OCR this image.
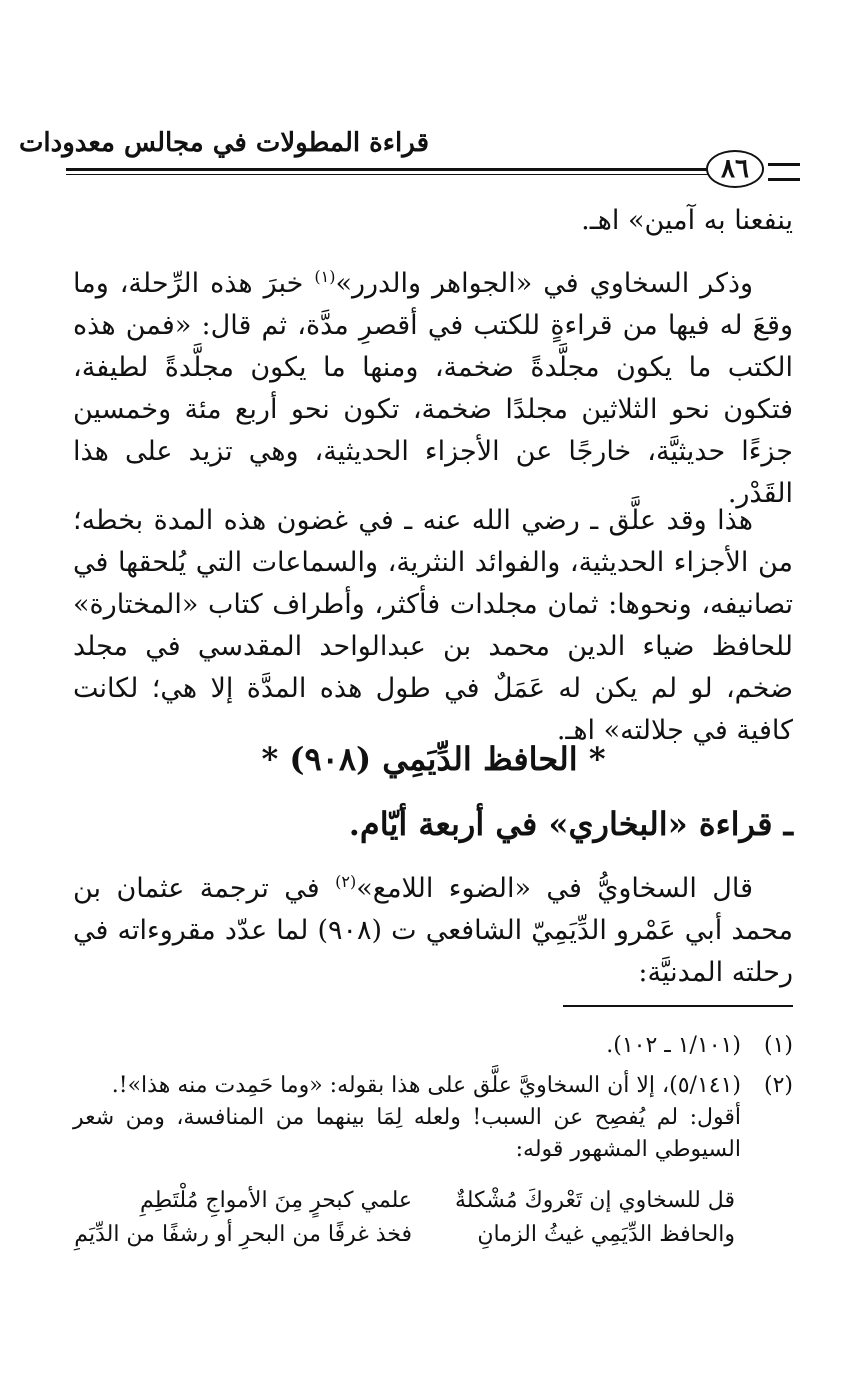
٨٦
قراءة المطولات في مجالس معدودات

ينفعنا به آمين» اهـ.

وذكر السخاوي في «الجواهر والدرر»$^{(١)}$ خبرَ هذه الرِّحلة، وما وقعَ له فيها من قراءةٍ للكتب في أقصرِ مدَّة، ثم قال: «فمن هذه الكتب ما يكون مجلَّدةً ضخمة، ومنها ما يكون مجلَّدةً لطيفة، فتكون نحو الثلاثين مجلدًا ضخمة، تكون نحو أربع مئة وخمسين جزءًا حديثيَّة، خارجًا عن الأجزاء الحديثية، وهي تزيد على هذا القَدْر.

هذا وقد علَّق ـ رضي الله عنه ـ في غضون هذه المدة بخطه؛ من الأجزاء الحديثية، والفوائد النثرية، والسماعات التي يُلحقها في تصانيفه، ونحوها: ثمان مجلدات فأكثر، وأطراف كتاب «المختارة» للحافظ ضياء الدين محمد بن عبدالواحد المقدسي في مجلد ضخم، لو لم يكن له عَمَلٌ في طول هذه المدَّة إلا هي؛ لكانت كافية في جلالته» اهـ.

* الحافظ الدِّيَمِي (٩٠٨) *
ـ قراءة «البخاري» في أربعة أيّام.

قال السخاويُّ في «الضوء اللامع»$^{(٢)}$ في ترجمة عثمان بن محمد أبي عَمْرو الدِّيَمِيّ الشافعي ت (٩٠٨) لما عدّد مقروءاته في رحلته المدنيَّة:

(١)(١/١٠١ ـ ١٠٢).
(٢)(٥/١٤١)، إلا أن السخاويَّ علَّق على هذا بقوله: «وما حَمِدت منه هذا»!.
أقول: لم يُفصِح عن السبب! ولعله لِمَا بينهما من المنافسة، ومن شعر السيوطي المشهور قوله:
قل للسخاوي إن تَعْروكَ مُشْكلةٌ
علمي كبحرٍ مِنَ الأمواجِ مُلْتَطِمِ
والحافظ الدِّيَمِي غيثُ الزمانِ
فخذ غرفًا من البحرِ أو رشفًا من الدِّيَمِ
